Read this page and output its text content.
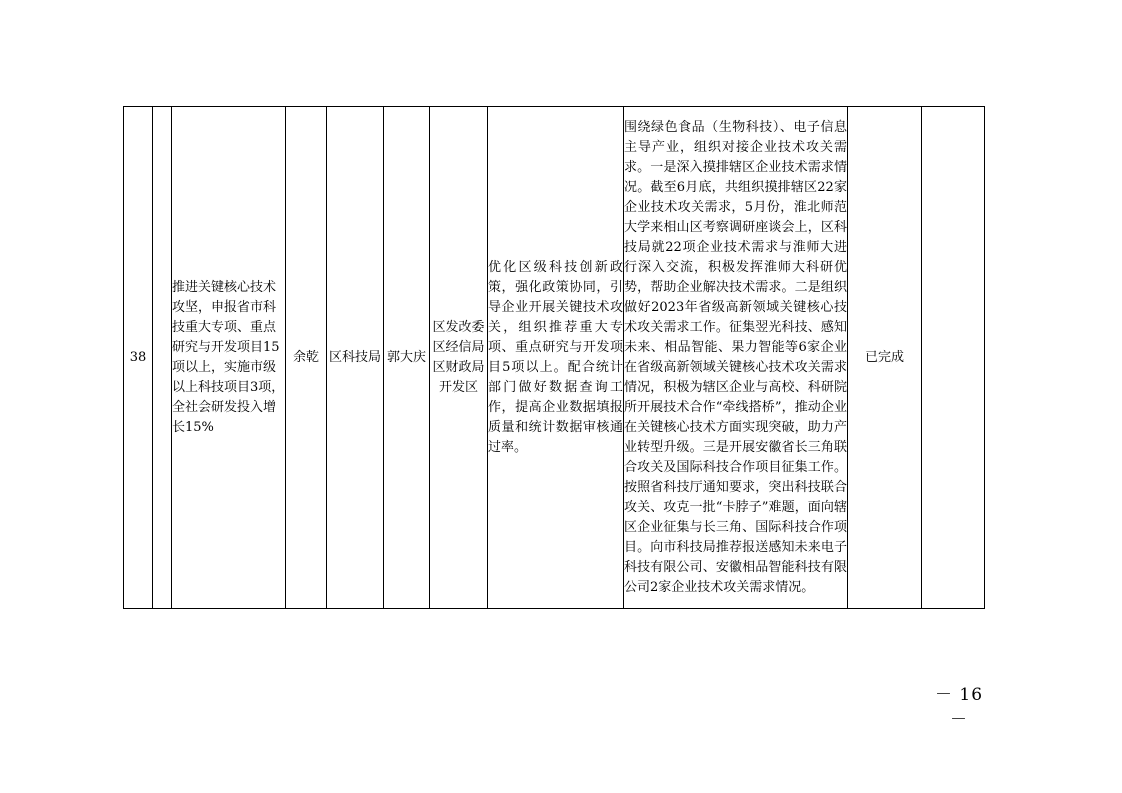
38		推进关键核心技术攻坚，申报省市科技重大专项、重点研究与开发项目15项以上，实施市级以上科技项目3项，全社会研发投入增长15%	余乾	区科技局	郭大庆	区发改委区经信局区财政局开发区	优化区级科技创新政策，强化政策协同，引导企业开展关键技术攻关，组织推荐重大专项、重点研究与开发项目5项以上。配合统计部门做好数据查询工作，提高企业数据填报质量和统计数据审核通过率。	围绕绿色食品（生物科技）、电子信息主导产业，组织对接企业技术攻关需求。一是深入摸排辖区企业技术需求情况。截至6月底，共组织摸排辖区22家企业技术攻关需求，5月份，淮北师范大学来相山区考察调研座谈会上，区科技局就22项企业技术需求与淮师大进行深入交流，积极发挥淮师大科研优势，帮助企业解决技术需求。二是组织做好2023年省级高新领域关键核心技术攻关需求工作。征集翌光科技、感知未来、相品智能、果力智能等6家企业在省级高新领域关键核心技术攻关需求情况，积极为辖区企业与高校、科研院所开展技术合作“牵线搭桥”，推动企业在关键核心技术方面实现突破，助力产业转型升级。三是开展安徽省长三角联合攻关及国际科技合作项目征集工作。按照省科技厅通知要求，突出科技联合攻关、攻克一批“卡脖子”难题，面向辖区企业征集与长三角、国际科技合作项目。向市科技局推荐报送感知未来电子科技有限公司、安徽相品智能科技有限公司2家企业技术攻关需求情况。	已完成	
－ 16 －
